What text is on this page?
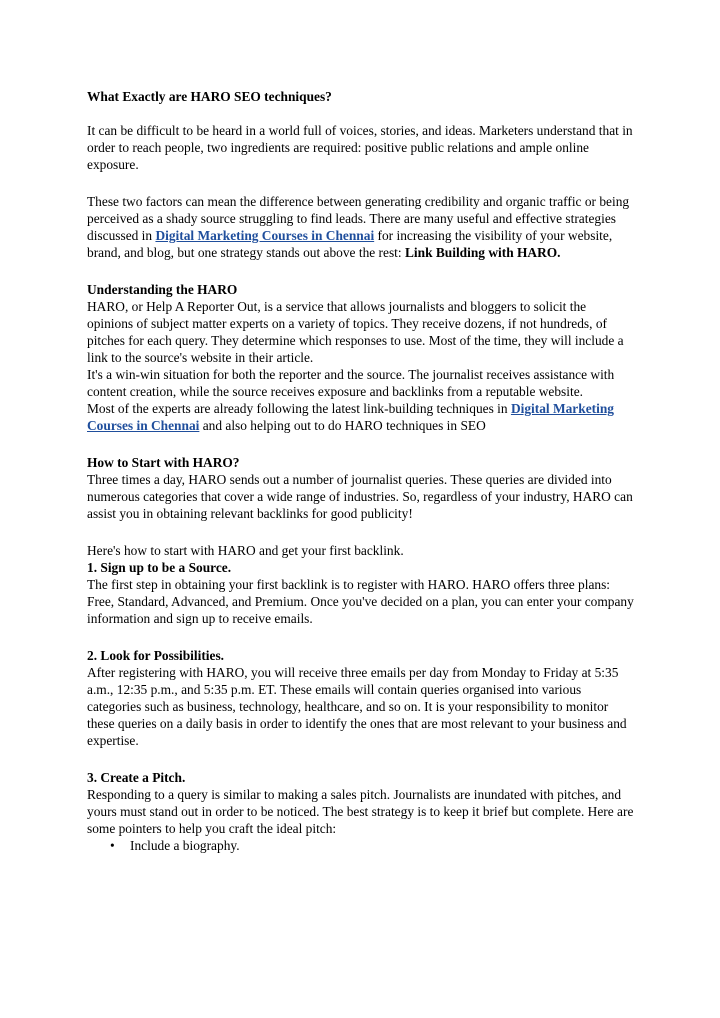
What Exactly are HARO SEO techniques?

It can be difficult to be heard in a world full of voices, stories, and ideas. Marketers understand that in order to reach people, two ingredients are required: positive public relations and ample online exposure.

These two factors can mean the difference between generating credibility and organic traffic or being perceived as a shady source struggling to find leads. There are many useful and effective strategies discussed in Digital Marketing Courses in Chennai for increasing the visibility of your website, brand, and blog, but one strategy stands out above the rest: Link Building with HARO.

Understanding the HARO

HARO, or Help A Reporter Out, is a service that allows journalists and bloggers to solicit the opinions of subject matter experts on a variety of topics. They receive dozens, if not hundreds, of pitches for each query. They determine which responses to use. Most of the time, they will include a link to the source's website in their article.

It's a win-win situation for both the reporter and the source. The journalist receives assistance with content creation, while the source receives exposure and backlinks from a reputable website.

Most of the experts are already following the latest link-building techniques in Digital Marketing Courses in Chennai and also helping out to do HARO techniques in SEO

How to Start with HARO?

Three times a day, HARO sends out a number of journalist queries. These queries are divided into numerous categories that cover a wide range of industries. So, regardless of your industry, HARO can assist you in obtaining relevant backlinks for good publicity!

Here's how to start with HARO and get your first backlink.

1. Sign up to be a Source.

The first step in obtaining your first backlink is to register with HARO. HARO offers three plans: Free, Standard, Advanced, and Premium. Once you've decided on a plan, you can enter your company information and sign up to receive emails.

2. Look for Possibilities.

After registering with HARO, you will receive three emails per day from Monday to Friday at 5:35 a.m., 12:35 p.m., and 5:35 p.m. ET. These emails will contain queries organised into various categories such as business, technology, healthcare, and so on. It is your responsibility to monitor these queries on a daily basis in order to identify the ones that are most relevant to your business and expertise.

3. Create a Pitch.

Responding to a query is similar to making a sales pitch. Journalists are inundated with pitches, and yours must stand out in order to be noticed. The best strategy is to keep it brief but complete. Here are some pointers to help you craft the ideal pitch:

• Include a biography.
